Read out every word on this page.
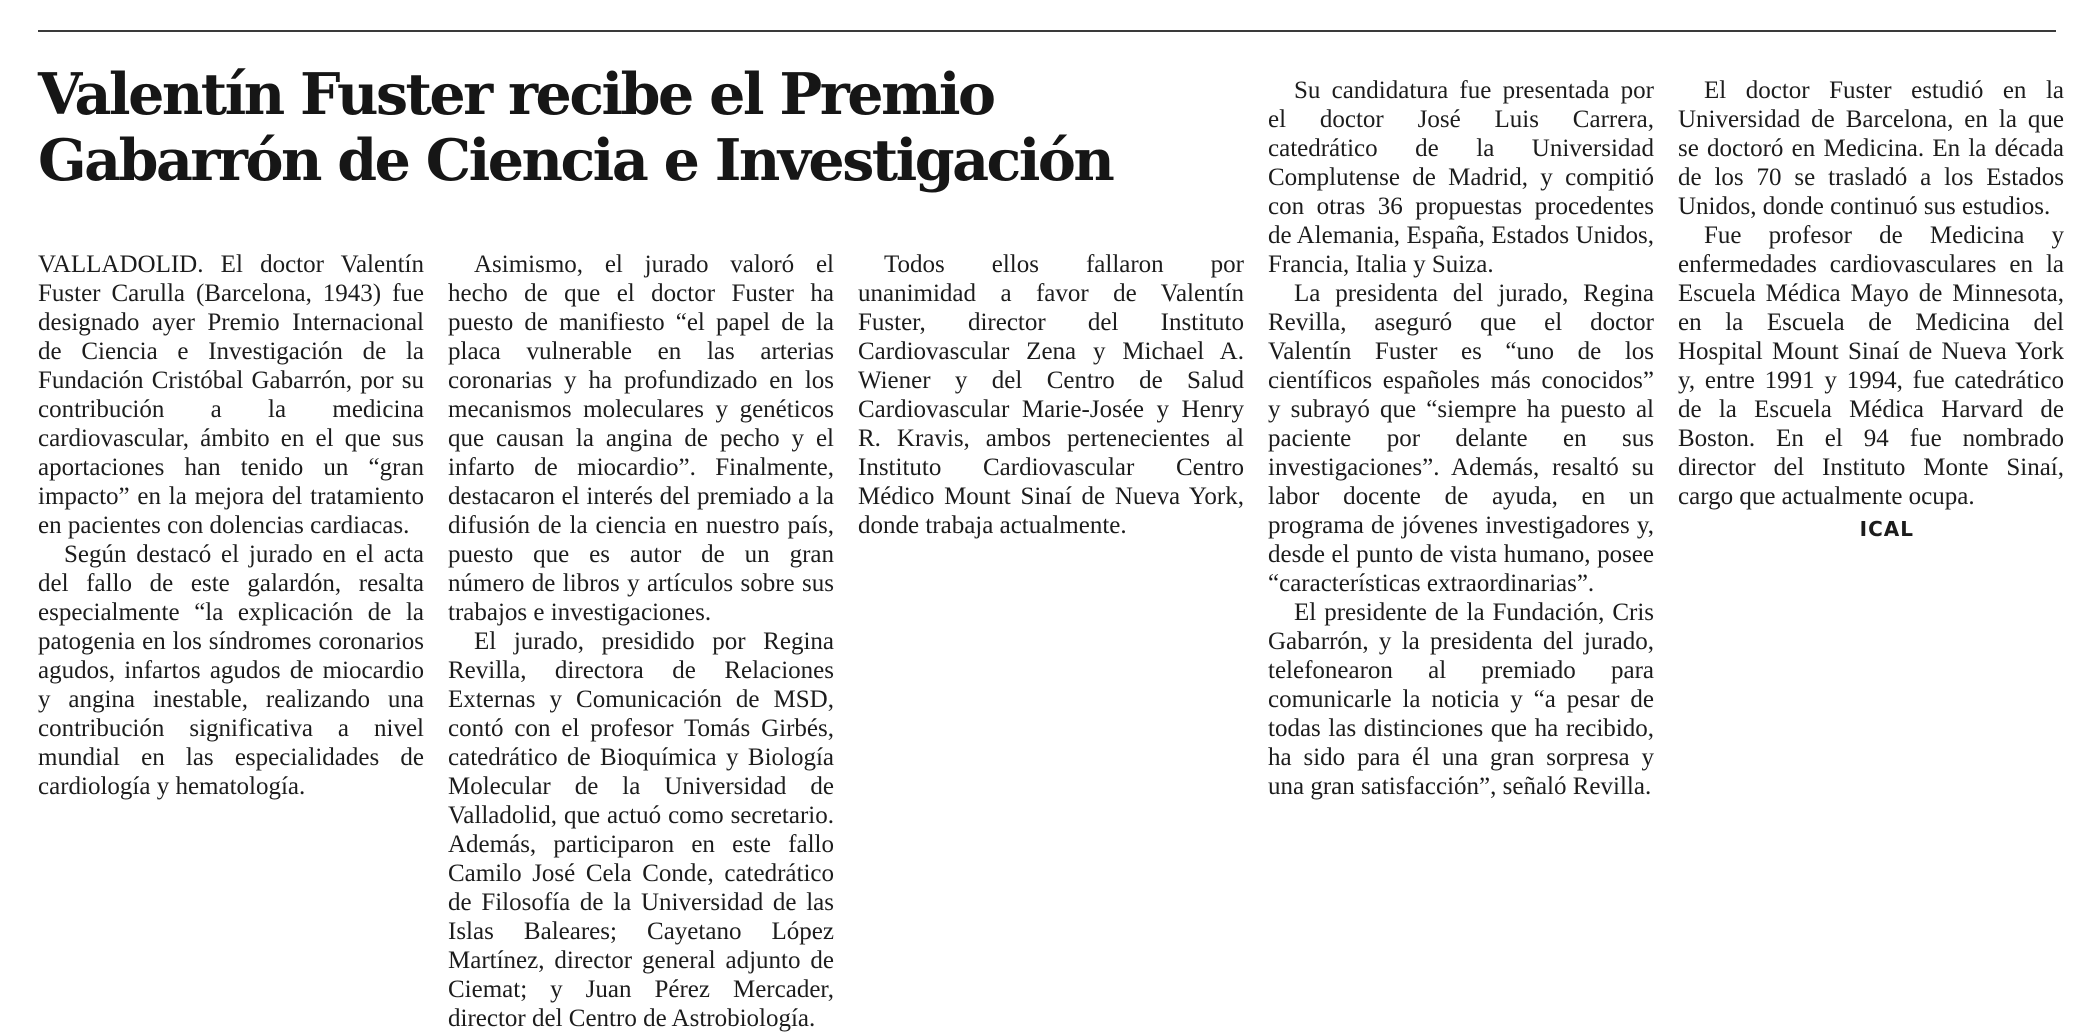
Valentín Fuster recibe el Premio
Gabarrón de Ciencia e Investigación

VALLADOLID. El doctor Valentín Fuster Carulla (Barcelona, 1943) fue designado ayer Premio Internacional de Ciencia e Investigación de la Fundación Cristóbal Gabarrón, por su contribución a la medicina cardiovascular, ámbito en el que sus aportaciones han tenido un “gran impacto” en la mejora del tratamiento en pacientes con dolencias cardiacas.

Según destacó el jurado en el acta del fallo de este galardón, resalta especialmente “la explicación de la patogenia en los síndromes coronarios agudos, infartos agudos de miocardio y angina inestable, realizando una contribución significativa a nivel mundial en las especialidades de cardiología y hematología.

Asimismo, el jurado valoró el hecho de que el doctor Fuster ha puesto de manifiesto “el papel de la placa vulnerable en las arterias coronarias y ha profundizado en los mecanismos moleculares y genéticos que causan la angina de pecho y el infarto de miocardio”. Finalmente, destacaron el interés del premiado a la difusión de la ciencia en nuestro país, puesto que es autor de un gran número de libros y artículos sobre sus trabajos e investigaciones.

El jurado, presidido por Regina Revilla, directora de Relaciones Externas y Comunicación de MSD, contó con el profesor Tomás Girbés, catedrático de Bioquímica y Biología Molecular de la Universidad de Valladolid, que actuó como secretario. Además, participaron en este fallo Camilo José Cela Conde, catedrático de Filosofía de la Universidad de las Islas Baleares; Cayetano López Martínez, director general adjunto de Ciemat; y Juan Pérez Mercader, director del Centro de Astrobiología.

Todos ellos fallaron por unanimidad a favor de Valentín Fuster, director del Instituto Cardiovascular Zena y Michael A. Wiener y del Centro de Salud Cardiovascular Marie-Josée y Henry R. Kravis, ambos pertenecientes al Instituto Cardiovascular Centro Médico Mount Sinaí de Nueva York, donde trabaja actualmente.

Su candidatura fue presentada por el doctor José Luis Carrera, catedrático de la Universidad Complutense de Madrid, y compitió con otras 36 propuestas procedentes de Alemania, España, Estados Unidos, Francia, Italia y Suiza.

La presidenta del jurado, Regina Revilla, aseguró que el doctor Valentín Fuster es “uno de los científicos españoles más conocidos” y subrayó que “siempre ha puesto al paciente por delante en sus investigaciones”. Además, resaltó su labor docente de ayuda, en un programa de jóvenes investigadores y, desde el punto de vista humano, posee “características extraordinarias”.

El presidente de la Fundación, Cris Gabarrón, y la presidenta del jurado, telefonearon al premiado para comunicarle la noticia y “a pesar de todas las distinciones que ha recibido, ha sido para él una gran sorpresa y una gran satisfacción”, señaló Revilla.

El doctor Fuster estudió en la Universidad de Barcelona, en la que se doctoró en Medicina. En la década de los 70 se trasladó a los Estados Unidos, donde continuó sus estudios.

Fue profesor de Medicina y enfermedades cardiovasculares en la Escuela Médica Mayo de Minnesota, en la Escuela de Medicina del Hospital Mount Sinaí de Nueva York y, entre 1991 y 1994, fue catedrático de la Escuela Médica Harvard de Boston. En el 94 fue nombrado director del Instituto Monte Sinaí, cargo que actualmente ocupa.

ICAL
